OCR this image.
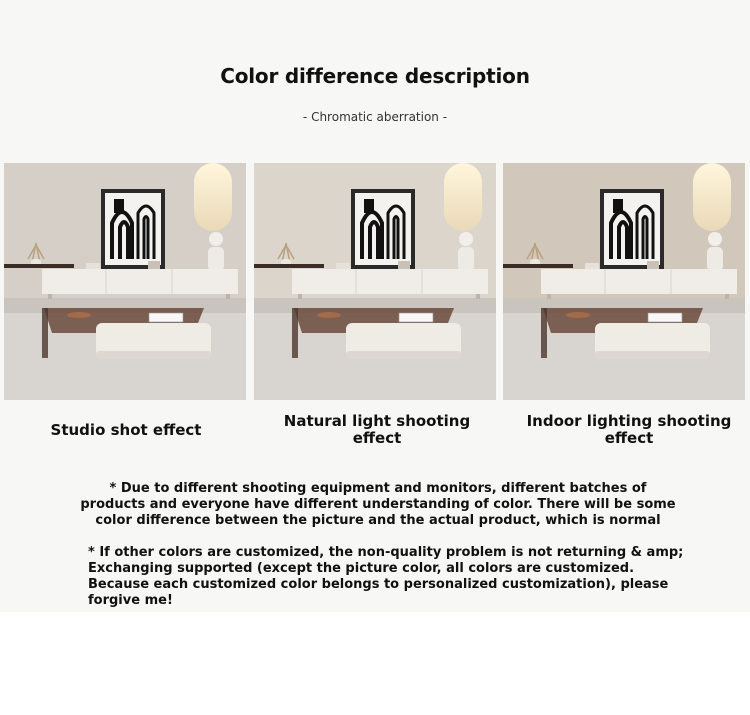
Color difference description
- Chromatic aberration -
Studio shot effect	Natural light shooting effect
Indoor lighting shooting effect
* Due to different shooting equipment and monitors, different batches of products and everyone have different understanding of color. There will be some color difference between the picture and the actual product, which is normal
* If other colors are customized, the non-quality problem is not returning & amp; Exchanging supported (except the picture color, all colors are customized. Because each customized color belongs to personalized customization), please forgive me!
